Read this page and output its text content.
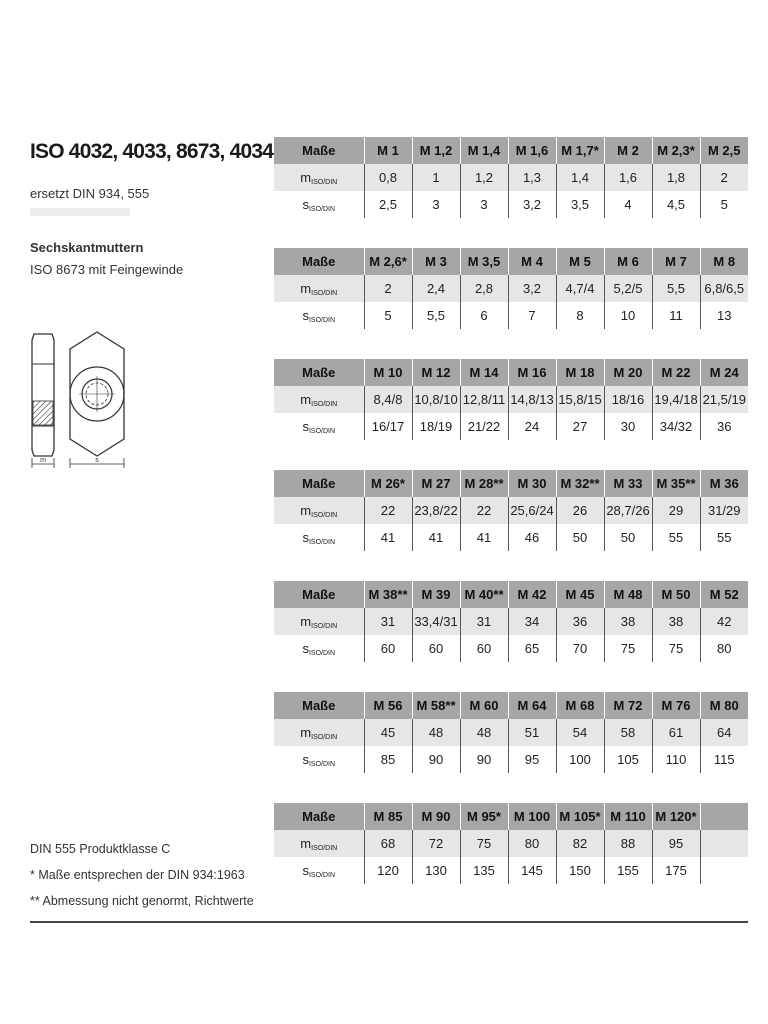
ISO 4032, 4033, 8673, 4034
ersetzt DIN 934, 555
Sechskantmuttern
ISO 8673 mit Feingewinde
m	s
DIN 555 Produktklasse C
* Maße entsprechen der DIN 934:1963
** Abmessung nicht genormt, Richtwerte
Maße	M 1	M 1,2	M 1,4	M 1,6	M 1,7*	M 2	M 2,3*	M 2,5
$m_{ISO/DIN}$	0,8	1	1,2	1,3	1,4	1,6	1,8	2
$s_{ISO/DIN}$	2,5	3	3	3,2	3,5	4	4,5	5
Maße	M 2,6*	M 3	M 3,5	M 4	M 5	M 6	M 7	M 8
$m_{ISO/DIN}$	2	2,4	2,8	3,2	4,7/4	5,2/5	5,5	6,8/6,5
$s_{ISO/DIN}$	5	5,5	6	7	8	10	11	13
Maße	M 10	M 12	M 14	M 16	M 18	M 20	M 22	M 24
$m_{ISO/DIN}$	8,4/8	10,8/10	12,8/11	14,8/13	15,8/15	18/16	19,4/18	21,5/19
$s_{ISO/DIN}$	16/17	18/19	21/22	24	27	30	34/32	36
Maße	M 26*	M 27	M 28**	M 30	M 32**	M 33	M 35**	M 36
$m_{ISO/DIN}$	22	23,8/22	22	25,6/24	26	28,7/26	29	31/29
$s_{ISO/DIN}$	41	41	41	46	50	50	55	55
Maße	M 38**	M 39	M 40**	M 42	M 45	M 48	M 50	M 52
$m_{ISO/DIN}$	31	33,4/31	31	34	36	38	38	42
$s_{ISO/DIN}$	60	60	60	65	70	75	75	80
Maße	M 56	M 58**	M 60	M 64	M 68	M 72	M 76	M 80
$m_{ISO/DIN}$	45	48	48	51	54	58	61	64
$s_{ISO/DIN}$	85	90	90	95	100	105	110	115
Maße	M 85	M 90	M 95*	M 100	M 105*	M 110	M 120*	
$m_{ISO/DIN}$	68	72	75	80	82	88	95	
$s_{ISO/DIN}$	120	130	135	145	150	155	175	
